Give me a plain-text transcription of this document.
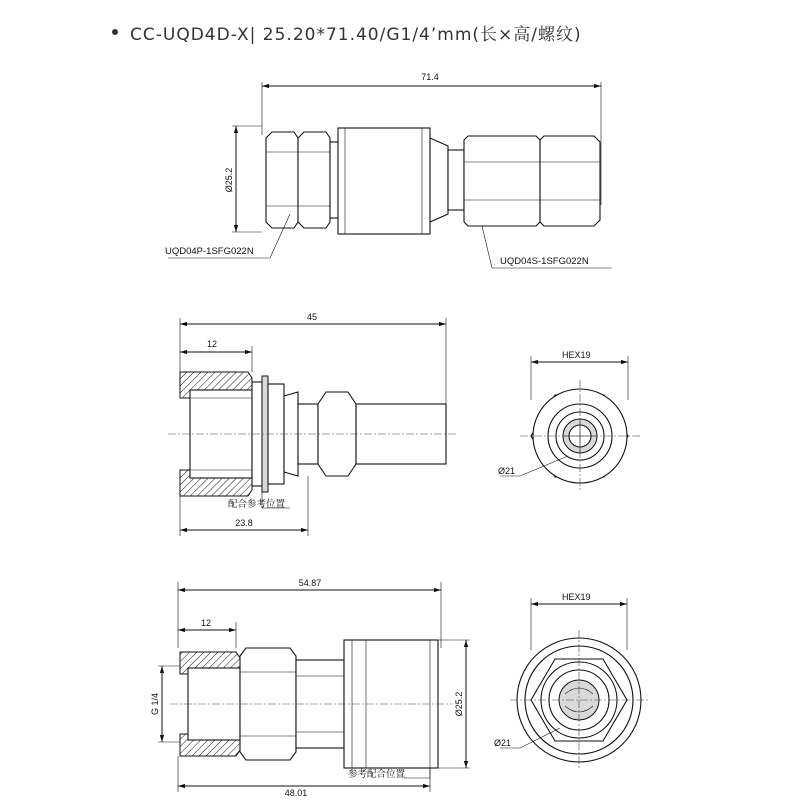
CC-UQD4D-X| 25.20*71.40/G1/4’mm(长×高/螺纹)
71.4
Ø25.2
UQD04P-1SFG022N
UQD04S-1SFG022N
45
12
23.8
配合参考位置
HEX19
Ø21
54.87
12
G 1/4	Ø25.2
48.01
参考配合位置
HEX19
Ø21
